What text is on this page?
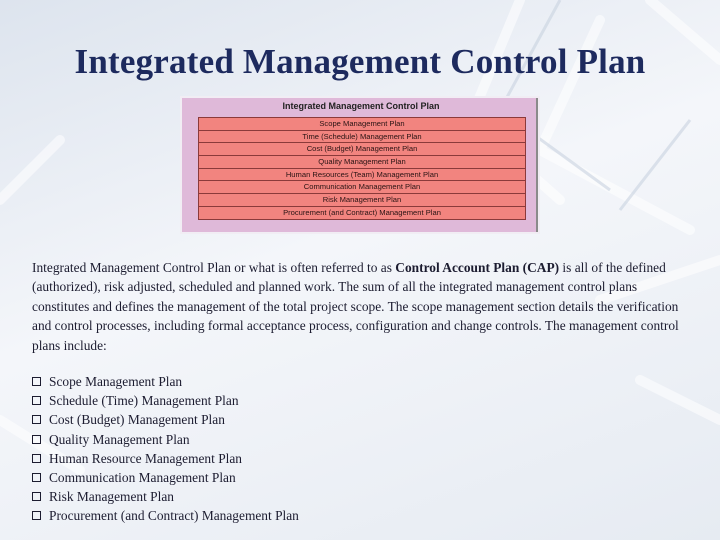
Integrated Management Control Plan
Integrated Management Control Plan
Scope Management Plan
Time (Schedule) Management Plan
Cost (Budget) Management Plan
Quality Management Plan
Human Resources (Team) Management Plan
Communication Management Plan
Risk Management Plan
Procurement (and Contract) Management Plan
Integrated Management Control Plan or what is often referred to as Control Account Plan (CAP) is all of the defined (authorized), risk adjusted, scheduled and planned work. The sum of all the integrated management control plans constitutes and defines the management of the total project scope. The scope management section details the verification and control processes, including formal acceptance process, configuration and change controls. The management control plans include:
Scope Management Plan
Schedule (Time) Management Plan
Cost (Budget) Management Plan
Quality Management Plan
Human Resource Management Plan
Communication Management Plan
Risk Management Plan
Procurement (and Contract) Management Plan
